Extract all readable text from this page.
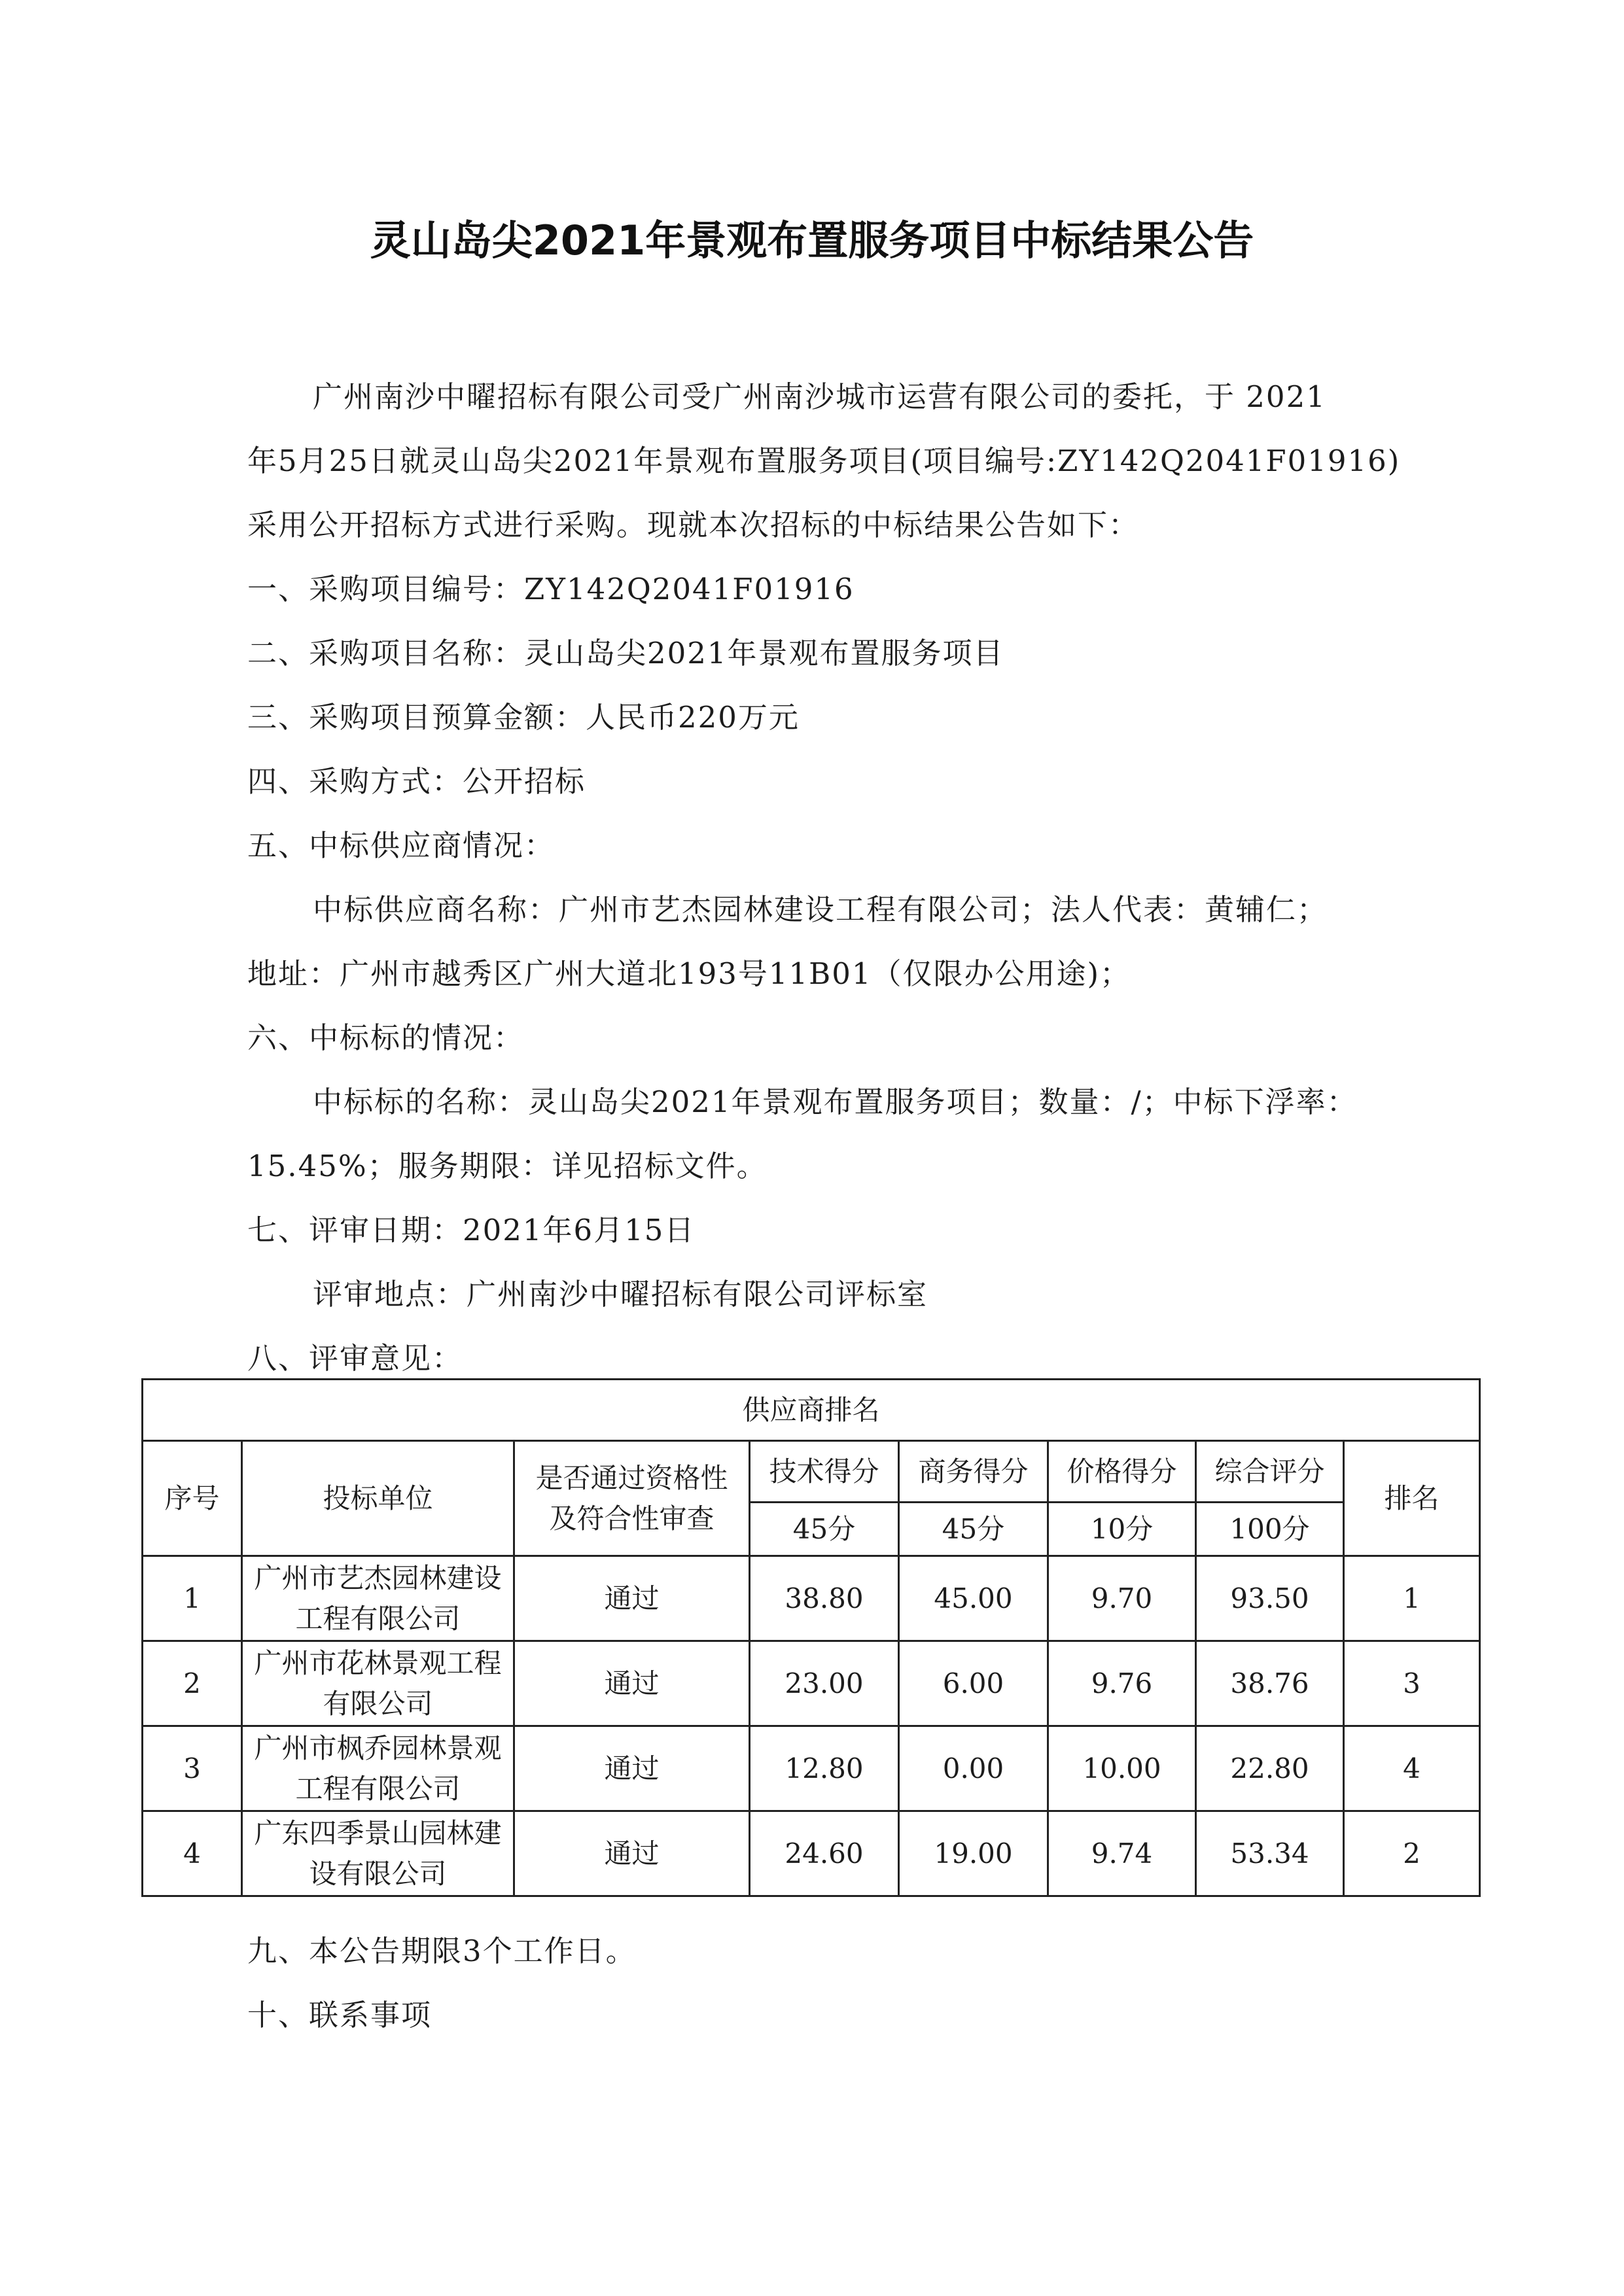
灵山岛尖2021年景观布置服务项目中标结果公告
广州南沙中曜招标有限公司受广州南沙城市运营有限公司的委托，于 2021
年5月25日就灵山岛尖2021年景观布置服务项目(项目编号:ZY142Q2041F01916)
采用公开招标方式进行采购。现就本次招标的中标结果公告如下：
一、采购项目编号：ZY142Q2041F01916
二、采购项目名称：灵山岛尖2021年景观布置服务项目
三、采购项目预算金额：人民币220万元
四、采购方式：公开招标
五、中标供应商情况：
中标供应商名称：广州市艺杰园林建设工程有限公司；法人代表：黄辅仁；
地址：广州市越秀区广州大道北193号11B01（仅限办公用途)；
六、中标标的情况：
中标标的名称：灵山岛尖2021年景观布置服务项目；数量：/；中标下浮率：
15.45%；服务期限：详见招标文件。
七、评审日期：2021年6月15日
评审地点：广州南沙中曜招标有限公司评标室
八、评审意见：
供应商排名							
序号	投标单位	是否通过资格性及符合性审查	技术得分	商务得分	价格得分	综合评分	排名
			45分	45分	10分	100分	
1	广州市艺杰园林建设工程有限公司	通过	38.80	45.00	9.70	93.50	1
2	广州市花林景观工程有限公司	通过	23.00	6.00	9.76	38.76	3
3	广州市枫乔园林景观工程有限公司	通过	12.80	0.00	10.00	22.80	4
4	广东四季景山园林建设有限公司	通过	24.60	19.00	9.74	53.34	2
九、本公告期限3个工作日。
十、联系事项
